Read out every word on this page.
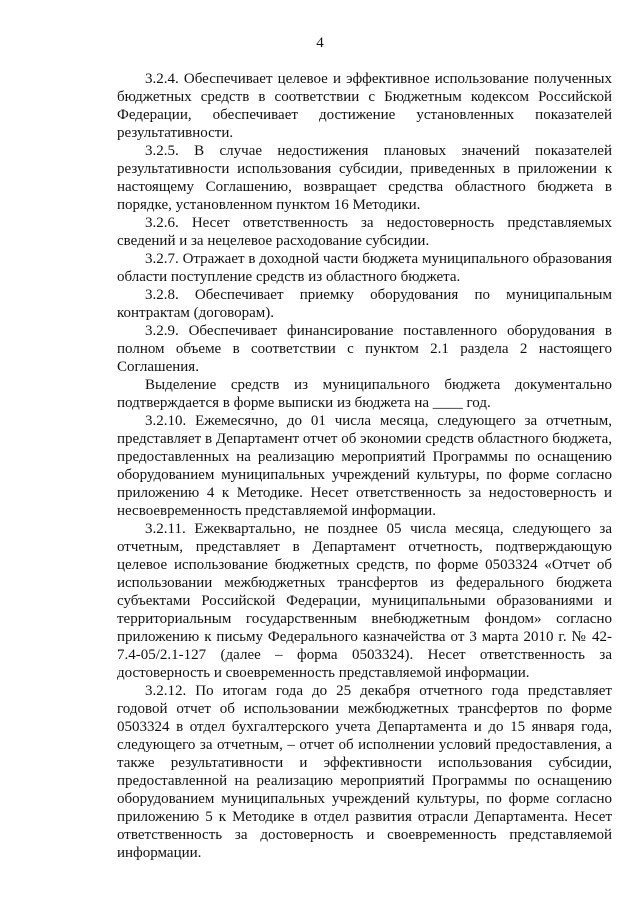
4

3.2.4. Обеспечивает целевое и эффективное использование полученных бюджетных средств в соответствии с Бюджетным кодексом Российской Федерации, обеспечивает достижение установленных показателей результативности.

3.2.5. В случае недостижения плановых значений показателей результативности использования субсидии, приведенных в приложении к настоящему Соглашению, возвращает средства областного бюджета в порядке, установленном пунктом 16 Методики.

3.2.6. Несет ответственность за недостоверность представляемых сведений и за нецелевое расходование субсидии.

3.2.7. Отражает в доходной части бюджета муниципального образования области поступление средств из областного бюджета.

3.2.8. Обеспечивает приемку оборудования по муниципальным контрактам (договорам).

3.2.9. Обеспечивает финансирование поставленного оборудования в полном объеме в соответствии с пунктом 2.1 раздела 2 настоящего Соглашения.

Выделение средств из муниципального бюджета документально подтверждается в форме выписки из бюджета на ____ год.

3.2.10. Ежемесячно, до 01 числа месяца, следующего за отчетным, представляет в Департамент отчет об экономии средств областного бюджета, предоставленных на реализацию мероприятий Программы по оснащению оборудованием муниципальных учреждений культуры, по форме согласно приложению 4 к Методике. Несет ответственность за недостоверность и несвоевременность представляемой информации.

3.2.11. Ежеквартально, не позднее 05 числа месяца, следующего за отчетным, представляет в Департамент отчетность, подтверждающую целевое использование бюджетных средств, по форме 0503324 «Отчет об использовании межбюджетных трансфертов из федерального бюджета субъектами Российской Федерации, муниципальными образованиями и территориальным государственным внебюджетным фондом» согласно приложению к письму Федерального казначейства от 3 марта 2010 г. № 42-7.4-05/2.1-127 (далее – форма 0503324). Несет ответственность за достоверность и своевременность представляемой информации.

3.2.12. По итогам года до 25 декабря отчетного года представляет годовой отчет об использовании межбюджетных трансфертов по форме 0503324 в отдел бухгалтерского учета Департамента и до 15 января года, следующего за отчетным, – отчет об исполнении условий предоставления, а также результативности и эффективности использования субсидии, предоставленной на реализацию мероприятий Программы по оснащению оборудованием муниципальных учреждений культуры, по форме согласно приложению 5 к Методике в отдел развития отрасли Департамента. Несет ответственность за достоверность и своевременность представляемой информации.
